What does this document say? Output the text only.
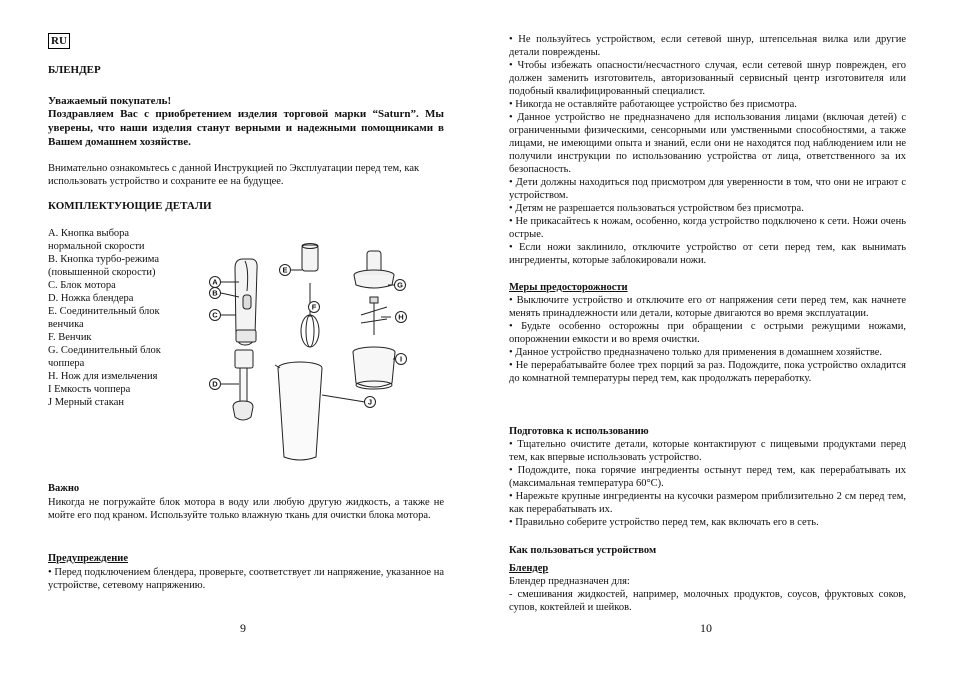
RU
БЛЕНДЕР
Уважаемый покупатель!
Поздравляем Вас с приобретением изделия торговой марки “Saturn”. Мы уверены, что наши изделия станут верными и надежными помощниками в Вашем домашнем хозяйстве.
Внимательно ознакомьтесь с данной Инструкцией по Эксплуатации перед тем, как использовать устройство и сохраните ее на будущее.
КОМПЛЕКТУЮЩИЕ ДЕТАЛИ
A. Кнопка выбора
нормальной скорости
B. Кнопка турбо-режима
(повышенной скорости)
C. Блок мотора
D. Ножка блендера
E. Соединительный блок
венчика
F. Венчик
G. Соединительный блок
чоппера
H. Нож для измельчения
I Емкость чоппера
J Мерный стакан
A
B
C
D
E
F
G
H
I
J
Важно
Никогда не погружайте блок мотора в воду или любую другую жидкость, а также не мойте его под краном. Используйте только влажную ткань для очистки блока мотора.
Предупреждение
• Перед подключением блендера, проверьте, соответствует ли напряжение, указанное на устройстве, сетевому напряжению.
9

• Не пользуйтесь устройством, если сетевой шнур, штепсельная вилка или другие детали повреждены.

• Чтобы избежать опасности/несчастного случая, если сетевой шнур поврежден, его должен заменить изготовитель, авторизованный сервисный центр изготовителя или подобный квалифицированный специалист.

• Никогда не оставляйте работающее устройство без присмотра.

• Данное устройство не предназначено для использования лицами (включая детей) с ограниченными физическими, сенсорными или умственными способностями, а также лицами, не имеющими опыта и знаний, если они не находятся под наблюдением или не получили инструкции по использованию устройства от лица, ответственного за их безопасность.

• Дети должны находиться под присмотром для уверенности в том, что они не играют с устройством.

• Детям не разрешается пользоваться устройством без присмотра.

• Не прикасайтесь к ножам, особенно, когда устройство подключено к сети. Ножи очень острые.

• Если ножи заклинило, отключите устройство от сети перед тем, как вынимать ингредиенты, которые заблокировали ножи.

Меры предосторожности

• Выключите устройство и отключите его от напряжения сети перед тем, как начнете менять принадлежности или детали, которые двигаются во время эксплуатации.

• Будьте особенно осторожны при обращении с острыми режущими ножами, опорожнении емкости и во время очистки.

• Данное устройство предназначено только для применения в домашнем хозяйстве.

• Не перерабатывайте более трех порций за раз. Подождите, пока устройство охладится до комнатной температуры перед тем, как продолжать переработку.

Подготовка к использованию

• Тщательно очистите детали, которые контактируют с пищевыми продуктами перед тем, как впервые использовать устройство.

• Подождите, пока горячие ингредиенты остынут перед тем, как перерабатывать их (максимальная температура 60°С).

• Нарежьте крупные ингредиенты на кусочки размером приблизительно 2 см перед тем, как перерабатывать их.

• Правильно соберите устройство перед тем, как включать его в сеть.

Как пользоваться устройством
Блендер
Блендер предназначен для:
- смешивания жидкостей, например, молочных продуктов, соусов, фруктовых соков, супов, коктейлей и шейков.
10
